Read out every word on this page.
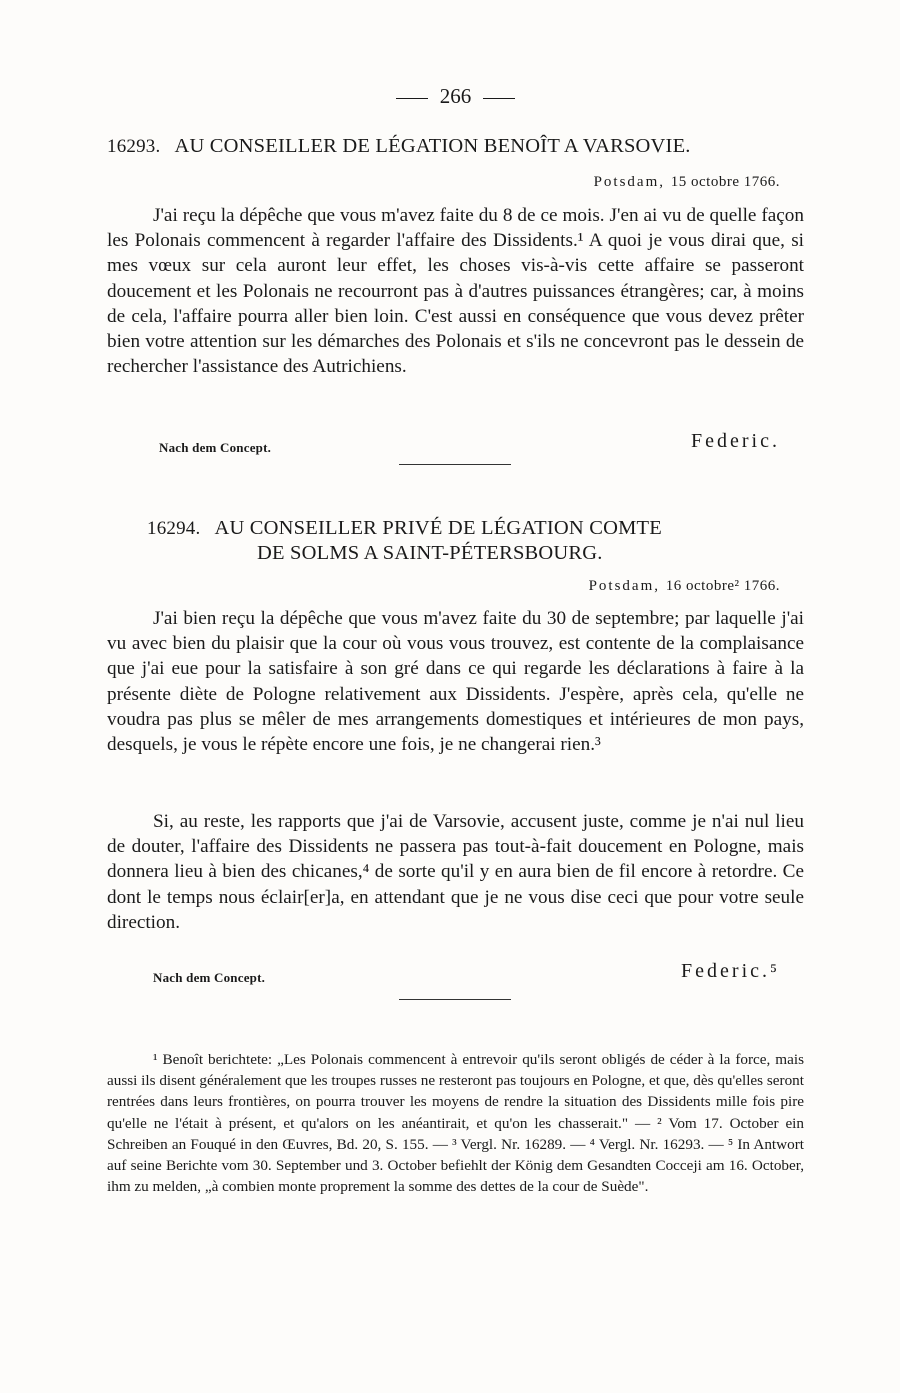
266
16293. AU CONSEILLER DE LÉGATION BENOÎT A VARSOVIE.
Potsdam, 15 octobre 1766.

J'ai reçu la dépêche que vous m'avez faite du 8 de ce mois. J'en ai vu de quelle façon les Polonais commencent à regarder l'affaire des Dissidents.¹ A quoi je vous dirai que, si mes vœux sur cela auront leur effet, les choses vis-à-vis cette affaire se passeront doucement et les Polonais ne recourront pas à d'autres puissances étrangères; car, à moins de cela, l'affaire pourra aller bien loin. C'est aussi en conséquence que vous devez prêter bien votre attention sur les démarches des Polonais et s'ils ne concevront pas le dessein de rechercher l'assistance des Autrichiens.

Nach dem Concept.	Federic.
16294. AU CONSEILLER PRIVÉ DE LÉGATION COMTE
DE SOLMS A SAINT-PÉTERSBOURG.
Potsdam, 16 octobre² 1766.

J'ai bien reçu la dépêche que vous m'avez faite du 30 de septembre; par laquelle j'ai vu avec bien du plaisir que la cour où vous vous trouvez, est contente de la complaisance que j'ai eue pour la satisfaire à son gré dans ce qui regarde les déclarations à faire à la présente diète de Pologne relativement aux Dissidents. J'espère, après cela, qu'elle ne voudra pas plus se mêler de mes arrangements domestiques et intérieures de mon pays, desquels, je vous le répète encore une fois, je ne changerai rien.³

Si, au reste, les rapports que j'ai de Varsovie, accusent juste, comme je n'ai nul lieu de douter, l'affaire des Dissidents ne passera pas tout-à-fait doucement en Pologne, mais donnera lieu à bien des chicanes,⁴ de sorte qu'il y en aura bien de fil encore à retordre. Ce dont le temps nous éclair[er]a, en attendant que je ne vous dise ceci que pour votre seule direction.

Nach dem Concept.	Federic.⁵

¹ Benoît berichtete: „Les Polonais commencent à entrevoir qu'ils seront obligés de céder à la force, mais aussi ils disent généralement que les troupes russes ne resteront pas toujours en Pologne, et que, dès qu'elles seront rentrées dans leurs frontières, on pourra trouver les moyens de rendre la situation des Dissidents mille fois pire qu'elle ne l'était à présent, et qu'alors on les anéantirait, et qu'on les chasserait." — ² Vom 17. October ein Schreiben an Fouqué in den Œuvres, Bd. 20, S. 155. — ³ Vergl. Nr. 16289. — ⁴ Vergl. Nr. 16293. — ⁵ In Antwort auf seine Berichte vom 30. September und 3. October befiehlt der König dem Gesandten Cocceji am 16. October, ihm zu melden, „à combien monte proprement la somme des dettes de la cour de Suède".
